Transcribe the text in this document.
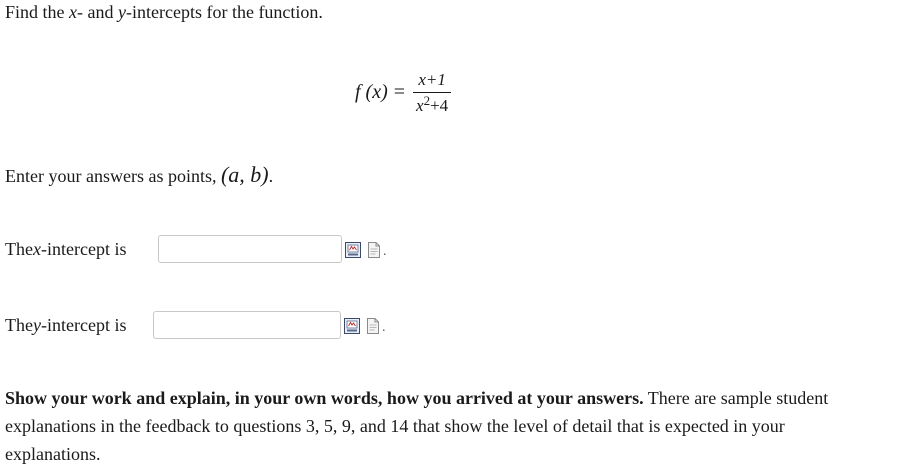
Find the x- and y-intercepts for the function.
f $(x) = \frac{x+1}{x^2+4}$
Enter your answers as points, (a, b).
The x -intercept is	.
The y -intercept is	.
Show your work and explain, in your own words, how you arrived at your answers. There are sample student explanations in the feedback to questions 3, 5, 9, and 14 that show the level of detail that is expected in your explanations.
